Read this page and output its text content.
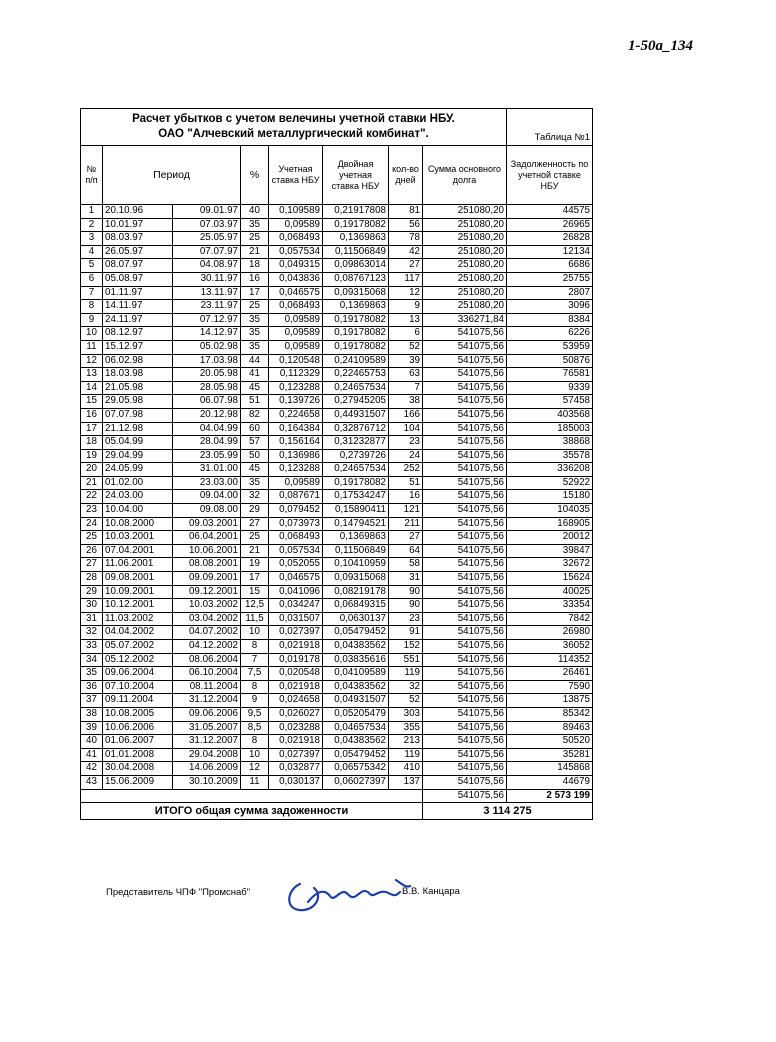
1-50а_134
Расчет убытков с учетом велечины учетной ставки НБУ.
ОАО "Алчевский металлургический комбинат".								Таблица №1
№ п/п	Период		%	Учетная ставка НБУ	Двойная учетная ставка НБУ	кол-во дней	Сумма основного долга	Задолженность по учетной ставке НБУ
1	20.10.96	09.01.97	40	0,109589	0,21917808	81	251080,20	44575
2	10.01.97	07.03.97	35	0,09589	0,19178082	56	251080,20	26965
3	08.03.97	25.05.97	25	0,068493	0,1369863	78	251080,20	26828
4	26.05.97	07.07.97	21	0,057534	0,11506849	42	251080,20	12134
5	08.07.97	04.08.97	18	0,049315	0,09863014	27	251080,20	6686
6	05.08.97	30.11.97	16	0,043836	0,08767123	117	251080,20	25755
7	01.11.97	13.11.97	17	0,046575	0,09315068	12	251080,20	2807
8	14.11.97	23.11.97	25	0,068493	0,1369863	9	251080,20	3096
9	24.11.97	07.12.97	35	0,09589	0,19178082	13	336271,84	8384
10	08.12.97	14.12.97	35	0,09589	0,19178082	6	541075,56	6226
11	15.12.97	05.02.98	35	0,09589	0,19178082	52	541075,56	53959
12	06.02.98	17.03.98	44	0,120548	0,24109589	39	541075,56	50876
13	18.03.98	20.05.98	41	0,112329	0,22465753	63	541075,56	76581
14	21.05.98	28.05.98	45	0,123288	0,24657534	7	541075,56	9339
15	29.05.98	06.07.98	51	0,139726	0,27945205	38	541075,56	57458
16	07.07.98	20.12.98	82	0,224658	0,44931507	166	541075,56	403568
17	21.12.98	04.04.99	60	0,164384	0,32876712	104	541075,56	185003
18	05.04.99	28.04.99	57	0,156164	0,31232877	23	541075,56	38868
19	29.04.99	23.05.99	50	0,136986	0,2739726	24	541075,56	35578
20	24.05.99	31.01.00	45	0,123288	0,24657534	252	541075,56	336208
21	01.02.00	23.03.00	35	0,09589	0,19178082	51	541075,56	52922
22	24.03.00	09.04.00	32	0,087671	0,17534247	16	541075,56	15180
23	10.04.00	09.08.00	29	0,079452	0,15890411	121	541075,56	104035
24	10.08.2000	09.03.2001	27	0,073973	0,14794521	211	541075,56	168905
25	10.03.2001	06.04.2001	25	0,068493	0,1369863	27	541075,56	20012
26	07.04.2001	10.06.2001	21	0,057534	0,11506849	64	541075,56	39847
27	11.06.2001	08.08.2001	19	0,052055	0,10410959	58	541075,56	32672
28	09.08.2001	09.09.2001	17	0,046575	0,09315068	31	541075,56	15624
29	10.09.2001	09.12.2001	15	0,041096	0,08219178	90	541075,56	40025
30	10.12.2001	10.03.2002	12,5	0,034247	0,06849315	90	541075,56	33354
31	11.03.2002	03.04.2002	11,5	0,031507	0,0630137	23	541075,56	7842
32	04.04.2002	04.07.2002	10	0,027397	0,05479452	91	541075,56	26980
33	05.07.2002	04.12.2002	8	0,021918	0,04383562	152	541075,56	36052
34	05.12.2002	08.06.2004	7	0,019178	0,03835616	551	541075,56	114352
35	09.06.2004	06.10.2004	7,5	0,020548	0,04109589	119	541075,56	26461
36	07.10.2004	08.11.2004	8	0,021918	0,04383562	32	541075,56	7590
37	09.11.2004	31.12.2004	9	0,024658	0,04931507	52	541075,56	13875
38	10.08.2005	09.06.2006	9,5	0,026027	0,05205479	303	541075,56	85342
39	10.06.2006	31.05.2007	8,5	0,023288	0,04657534	355	541075,56	89463
40	01.06.2007	31.12.2007	8	0,021918	0,04383562	213	541075,56	50520
41	01.01.2008	29.04.2008	10	0,027397	0,05479452	119	541075,56	35281
42	30.04.2008	14.06.2009	12	0,032877	0,06575342	410	541075,56	145868
43	15.06.2009	30.10.2009	11	0,030137	0,06027397	137	541075,56	44679
							541075,56	2 573 199
ИТОГО общая сумма задоженности							3 114 275	
Представитель ЧПФ "Промснаб"	В.В. Канцара
